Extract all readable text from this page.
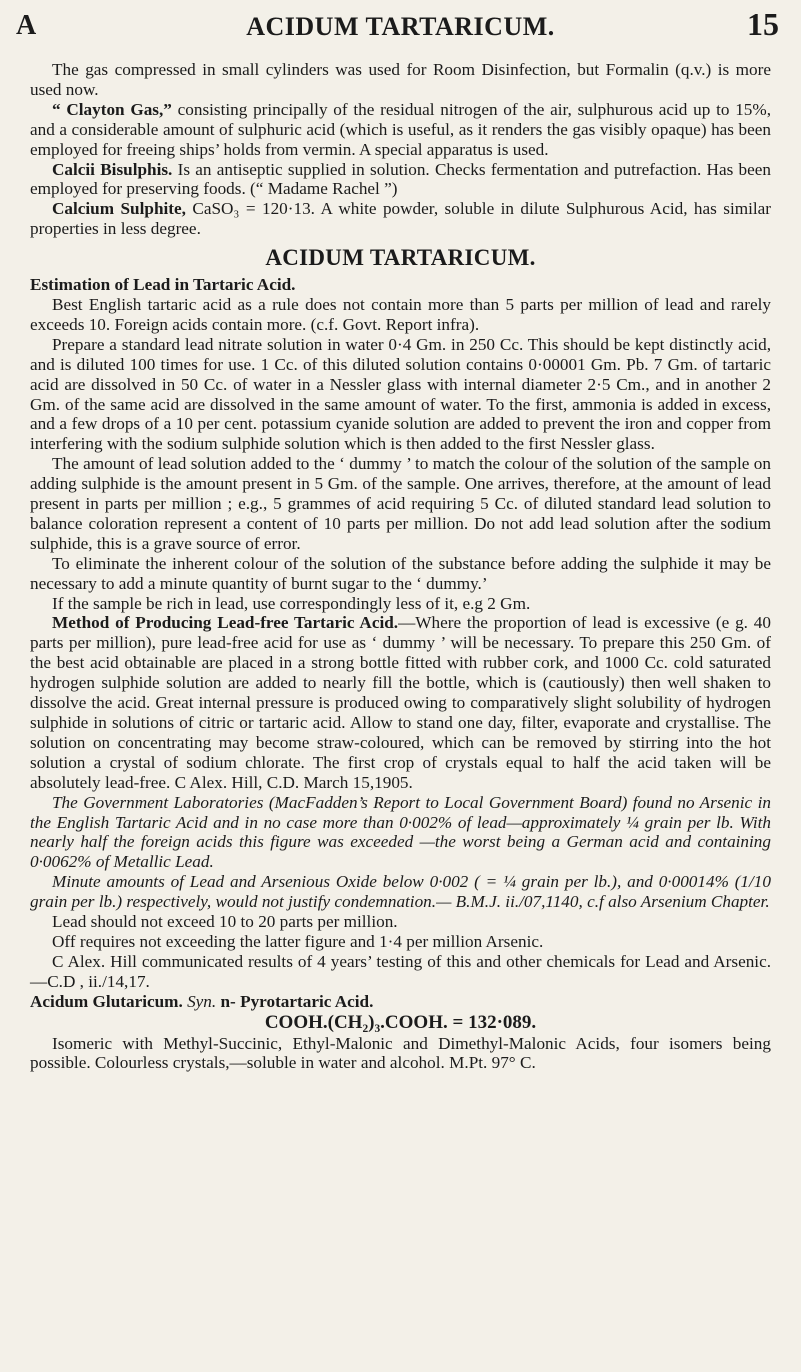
A	ACIDUM TARTARICUM.	15

The gas compressed in small cylinders was used for Room Disinfection, but Formalin (q.v.) is more used now.

“ Clayton Gas,” consisting principally of the residual nitrogen of the air, sulphurous acid up to 15%, and a considerable amount of sulphuric acid (which is useful, as it renders the gas visibly opaque) has been employed for freeing ships’ holds from vermin. A special apparatus is used.

Calcii Bisulphis. Is an antiseptic supplied in solution. Checks fermentation and putrefaction. Has been employed for preserving foods. (“ Madame Rachel ”)

Calcium Sulphite, CaSO₃ = 120·13. A white powder, soluble in dilute Sulphurous Acid, has similar properties in less degree.

ACIDUM TARTARICUM.

Estimation of Lead in Tartaric Acid.

Best English tartaric acid as a rule does not contain more than 5 parts per million of lead and rarely exceeds 10. Foreign acids contain more. (c.f. Govt. Report infra).

Prepare a standard lead nitrate solution in water 0·4 Gm. in 250 Cc. This should be kept distinctly acid, and is diluted 100 times for use. 1 Cc. of this diluted solution contains 0·00001 Gm. Pb. 7 Gm. of tartaric acid are dissolved in 50 Cc. of water in a Nessler glass with internal diameter 2·5 Cm., and in another 2 Gm. of the same acid are dissolved in the same amount of water. To the first, ammonia is added in excess, and a few drops of a 10 per cent. potassium cyanide solution are added to prevent the iron and copper from interfering with the sodium sulphide solution which is then added to the first Nessler glass.

The amount of lead solution added to the ‘ dummy ’ to match the colour of the solution of the sample on adding sulphide is the amount present in 5 Gm. of the sample. One arrives, therefore, at the amount of lead present in parts per million ; e.g., 5 grammes of acid requiring 5 Cc. of diluted standard lead solution to balance coloration represent a content of 10 parts per million. Do not add lead solution after the sodium sulphide, this is a grave source of error.

To eliminate the inherent colour of the solution of the substance before adding the sulphide it may be necessary to add a minute quantity of burnt sugar to the ‘ dummy.’

If the sample be rich in lead, use correspondingly less of it, e.g 2 Gm.

Method of Producing Lead-free Tartaric Acid.—Where the proportion of lead is excessive (e g. 40 parts per million), pure lead-free acid for use as ‘ dummy ’ will be necessary. To prepare this 250 Gm. of the best acid obtainable are placed in a strong bottle fitted with rubber cork, and 1000 Cc. cold saturated hydrogen sulphide solution are added to nearly fill the bottle, which is (cautiously) then well shaken to dissolve the acid. Great internal pressure is produced owing to comparatively slight solubility of hydrogen sulphide in solutions of citric or tartaric acid. Allow to stand one day, filter, evaporate and crystallise. The solution on concentrating may become straw-coloured, which can be removed by stirring into the hot solution a crystal of sodium chlorate. The first crop of crystals equal to half the acid taken will be absolutely lead-free. C Alex. Hill, C.D. March 15,1905.

The Government Laboratories (MacFadden’s Report to Local Government Board) found no Arsenic in the English Tartaric Acid and in no case more than 0·002% of lead—approximately ¼ grain per lb. With nearly half the foreign acids this figure was exceeded —the worst being a German acid and containing 0·0062% of Metallic Lead.

Minute amounts of Lead and Arsenious Oxide below 0·002 ( = ¼ grain per lb.), and 0·00014% (1/10 grain per lb.) respectively, would not justify condemnation.— B.M.J. ii./07,1140, c.f also Arsenium Chapter.

Lead should not exceed 10 to 20 parts per million.

Off requires not exceeding the latter figure and 1·4 per million Arsenic.

C Alex. Hill communicated results of 4 years’ testing of this and other chemicals for Lead and Arsenic.—C.D , ii./14,17.

Acidum Glutaricum. Syn. n- Pyrotartaric Acid.

COOH.(CH₂)₃.COOH. = 132·089.

Isomeric with Methyl-Succinic, Ethyl-Malonic and Dimethyl-Malonic Acids, four isomers being possible. Colourless crystals,—soluble in water and alcohol. M.Pt. 97° C.
